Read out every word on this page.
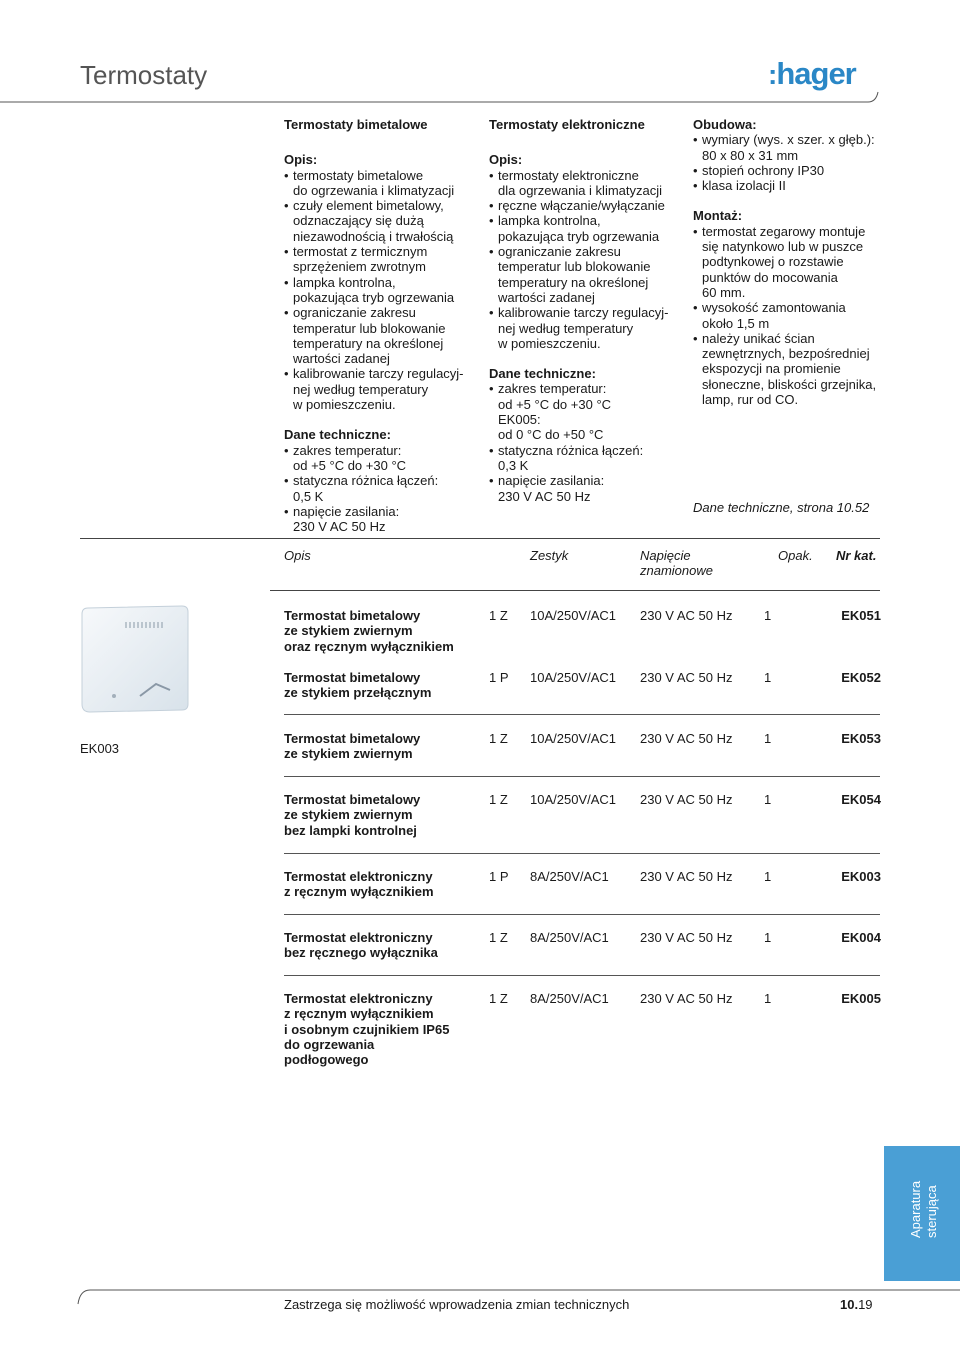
Termostaty	:hager
Termostaty bimetalowe
Opis:
• termostaty bimetalowe
do ogrzewania i klimatyzacji
• czuły element bimetalowy,
odznaczający się dużą
niezawodnością i trwałością
• termostat z termicznym
sprzężeniem zwrotnym
• lampka kontrolna,
pokazująca tryb ogrzewania
• ograniczanie zakresu
temperatur lub blokowanie
temperatury na określonej
wartości zadanej
• kalibrowanie tarczy regulacyj-
nej według temperatury
w pomieszczeniu.
Dane techniczne:
• zakres temperatur:
od +5 °C do +30 °C
• statyczna różnica łączeń:
0,5 K
• napięcie zasilania:
230 V AC 50 Hz
Termostaty elektroniczne
Opis:
• termostaty elektroniczne
dla ogrzewania i klimatyzacji
• ręczne włączanie/wyłączanie
• lampka kontrolna,
pokazująca tryb ogrzewania
• ograniczanie zakresu
temperatur lub blokowanie
temperatury na określonej
wartości zadanej
• kalibrowanie tarczy regulacyj-
nej według temperatury
w pomieszczeniu.
Dane techniczne:
• zakres temperatur:
od +5 °C do +30 °C
EK005:
od 0 °C do +50 °C
• statyczna różnica łączeń:
0,3 K
• napięcie zasilania:
230 V AC 50 Hz
Obudowa:
• wymiary (wys. x szer. x głęb.):
80 x 80 x 31 mm
• stopień ochrony IP30
• klasa izolacji II
Montaż:
• termostat zegarowy montuje
się natynkowo lub w puszce
podtynkowej o rozstawie
punktów do mocowania
60 mm.
• wysokość zamontowania
około 1,5 m
• należy unikać ścian
zewnętrznych, bezpośredniej
ekspozycji na promienie
słoneczne, bliskości grzejnika,
lamp, rur od CO.
Dane techniczne, strona 10.52
Opis	Zestyk	Napięcie
znamionowe
Opak. Nr kat.
EK003
Termostat bimetalowy
ze stykiem zwiernym
oraz ręcznym wyłącznikiem
1 Z 10A/250V/AC1 230 V AC 50 Hz 1	EK051
Termostat bimetalowy
ze stykiem przełącznym
1 P 10A/250V/AC1 230 V AC 50 Hz 1	EK052
Termostat bimetalowy
ze stykiem zwiernym
1 Z 10A/250V/AC1 230 V AC 50 Hz 1	EK053
Termostat bimetalowy
ze stykiem zwiernym
bez lampki kontrolnej
1 Z 10A/250V/AC1 230 V AC 50 Hz 1	EK054
Termostat elektroniczny
z ręcznym wyłącznikiem
1 P 8A/250V/AC1 230 V AC 50 Hz 1	EK003
Termostat elektroniczny
bez ręcznego wyłącznika
1 Z 8A/250V/AC1 230 V AC 50 Hz 1	EK004
Termostat elektroniczny
z ręcznym wyłącznikiem
i osobnym czujnikiem IP65
do ogrzewania
podłogowego
1 Z 8A/250V/AC1 230 V AC 50 Hz 1	EK005
Aparatura sterująca
Zastrzega się możliwość wprowadzenia zmian technicznych	10.19
